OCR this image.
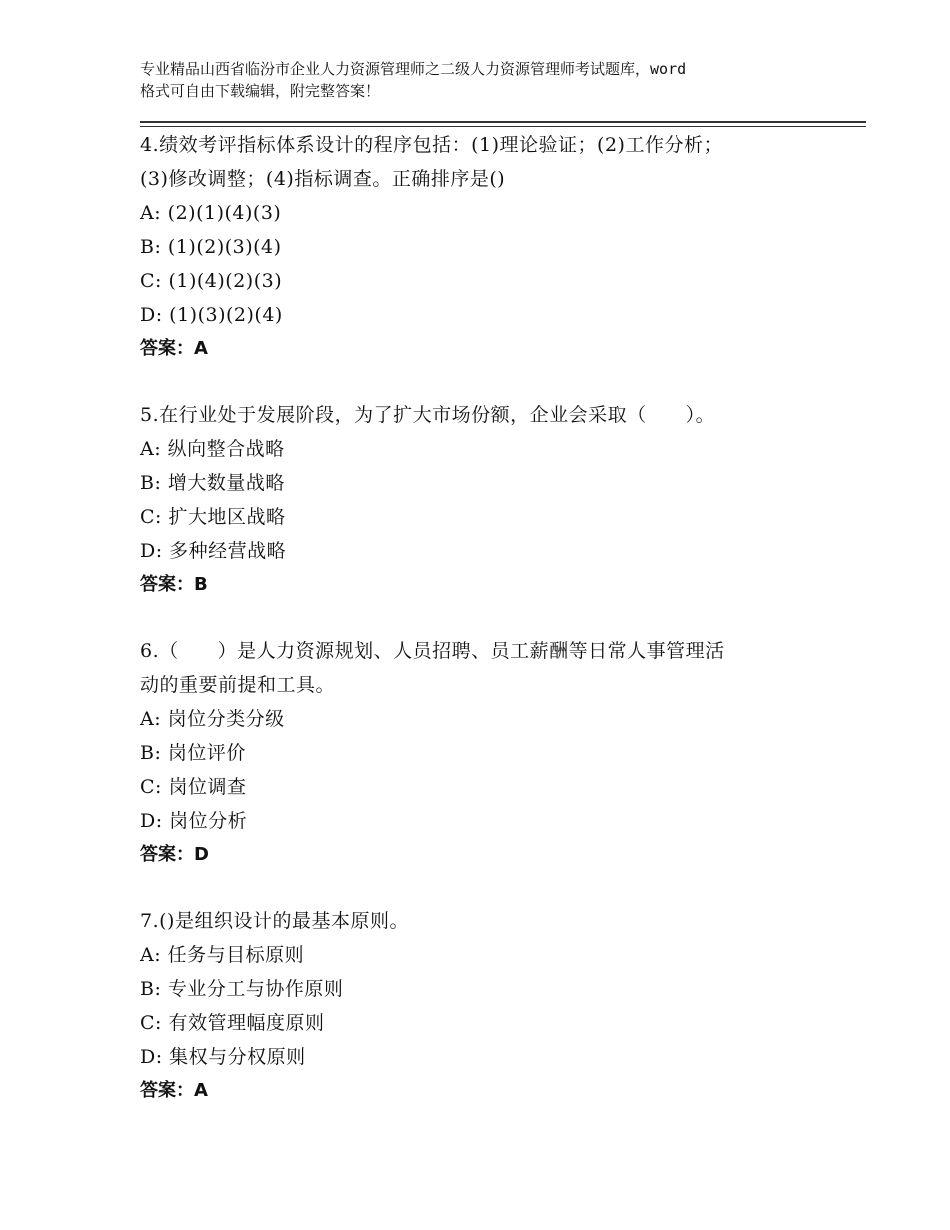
专业精品山西省临汾市企业人力资源管理师之二级人力资源管理师考试题库，word
格式可自由下载编辑，附完整答案！
4.绩效考评指标体系设计的程序包括：(1)理论验证；(2)工作分析；
(3)修改调整；(4)指标调查。正确排序是()
A: (2)(1)(4)(3)
B: (1)(2)(3)(4)
C: (1)(4)(2)(3)
D: (1)(3)(2)(4)
答案：A
5.在行业处于发展阶段，为了扩大市场份额，企业会采取（　　）。
A: 纵向整合战略
B: 增大数量战略
C: 扩大地区战略
D: 多种经营战略
答案：B
6.（　　）是人力资源规划、人员招聘、员工薪酬等日常人事管理活
动的重要前提和工具。
A: 岗位分类分级
B: 岗位评价
C: 岗位调查
D: 岗位分析
答案：D
7.()是组织设计的最基本原则。
A: 任务与目标原则
B: 专业分工与协作原则
C: 有效管理幅度原则
D: 集权与分权原则
答案：A
